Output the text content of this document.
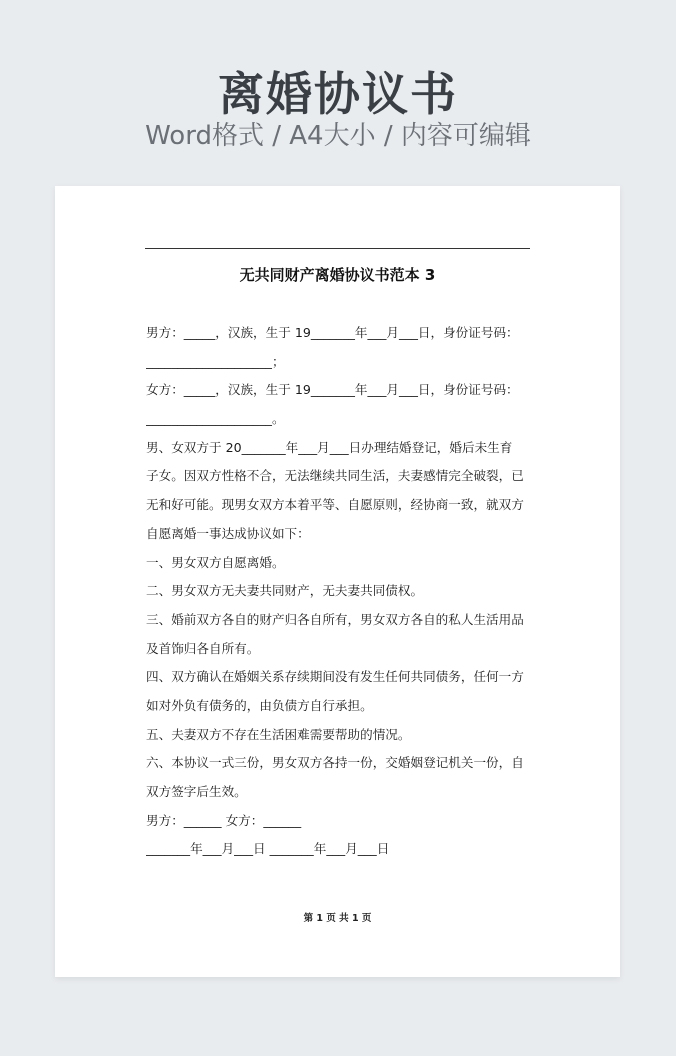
离婚协议书
Word格式 / A4大小 / 内容可编辑
无共同财产离婚协议书范本 3
男方：_____，汉族，生于 19_______年___月___日，身份证号码：
____________________；
女方：_____，汉族，生于 19_______年___月___日，身份证号码：
____________________。
男、女双方于 20_______年___月___日办理结婚登记，婚后未生育
子女。因双方性格不合，无法继续共同生活，夫妻感情完全破裂，已
无和好可能。现男女双方本着平等、自愿原则，经协商一致，就双方
自愿离婚一事达成协议如下：
一、男女双方自愿离婚。
二、男女双方无夫妻共同财产，无夫妻共同债权。
三、婚前双方各自的财产归各自所有，男女双方各自的私人生活用品
及首饰归各自所有。
四、双方确认在婚姻关系存续期间没有发生任何共同债务，任何一方
如对外负有债务的，由负债方自行承担。
五、夫妻双方不存在生活困难需要帮助的情况。
六、本协议一式三份，男女双方各持一份，交婚姻登记机关一份，自
双方签字后生效。
男方：______ 女方：______
_______年___月___日 _______年___月___日
第 1 页 共 1 页
